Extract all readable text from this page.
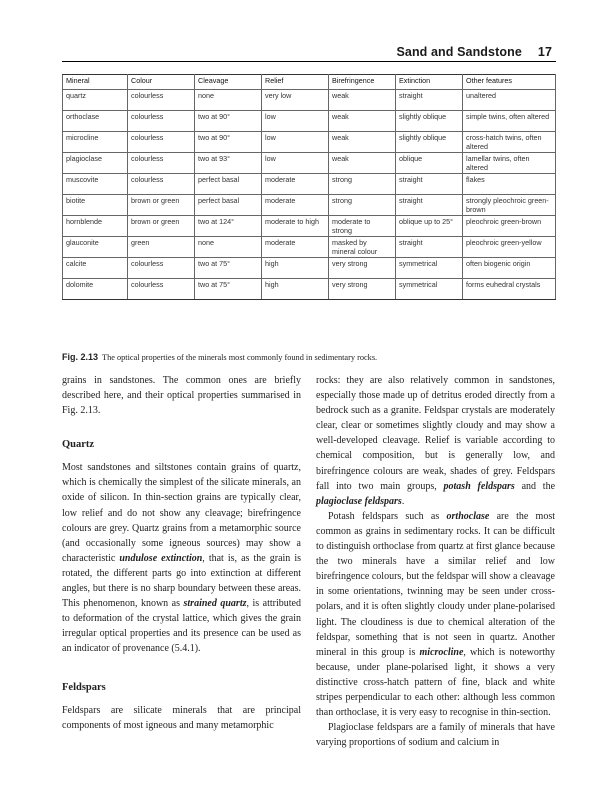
Sand and Sandstone 17
Mineral	Colour	Cleavage	Relief	Birefringence	Extinction	Other features
quartz	colourless	none	very low	weak	straight	unaltered
orthoclase	colourless	two at 90°	low	weak	slightly oblique	simple twins, often altered
microcline	colourless	two at 90°	low	weak	slightly oblique	cross-hatch twins, often altered
plagioclase	colourless	two at 93°	low	weak	oblique	lamellar twins, often altered
muscovite	colourless	perfect basal	moderate	strong	straight	flakes
biotite	brown or green	perfect basal	moderate	strong	straight	strongly pleochroic green-brown
hornblende	brown or green	two at 124°	moderate to high	moderate to strong	oblique up to 25°	pleochroic green-brown
glauconite	green	none	moderate	masked by mineral colour	straight	pleochroic green-yellow
calcite	colourless	two at 75°	high	very strong	symmetrical	often biogenic origin
dolomite	colourless	two at 75°	high	very strong	symmetrical	forms euhedral crystals
Fig. 2.13 The optical properties of the minerals most commonly found in sedimentary rocks.

grains in sandstones. The common ones are briefly described here, and their optical properties summarised in Fig. 2.13.

Quartz

Most sandstones and siltstones contain grains of quartz, which is chemically the simplest of the silicate minerals, an oxide of silicon. In thin-section grains are typically clear, low relief and do not show any cleavage; birefringence colours are grey. Quartz grains from a metamorphic source (and occasionally some igneous sources) may show a characteristic undulose extinction, that is, as the grain is rotated, the different parts go into extinction at different angles, but there is no sharp boundary between these areas. This phenomenon, known as strained quartz, is attributed to deformation of the crystal lattice, which gives the grain irregular optical properties and its presence can be used as an indicator of provenance (5.4.1).

Feldspars

Feldspars are silicate minerals that are principal components of most igneous and many metamorphic

rocks: they are also relatively common in sandstones, especially those made up of detritus eroded directly from a bedrock such as a granite. Feldspar crystals are moderately clear, clear or sometimes slightly cloudy and may show a well-developed cleavage. Relief is variable according to chemical composition, but is generally low, and birefringence colours are weak, shades of grey. Feldspars fall into two main groups, potash feldspars and the plagioclase feldspars.

Potash feldspars such as orthoclase are the most common as grains in sedimentary rocks. It can be difficult to distinguish orthoclase from quartz at first glance because the two minerals have a similar relief and low birefringence colours, but the feldspar will show a cleavage in some orientations, twinning may be seen under cross-polars, and it is often slightly cloudy under plane-polarised light. The cloudiness is due to chemical alteration of the feldspar, something that is not seen in quartz. Another mineral in this group is microcline, which is noteworthy because, under plane-polarised light, it shows a very distinctive cross-hatch pattern of fine, black and white stripes perpendicular to each other: although less common than orthoclase, it is very easy to recognise in thin-section.

Plagioclase feldspars are a family of minerals that have varying proportions of sodium and calcium in
